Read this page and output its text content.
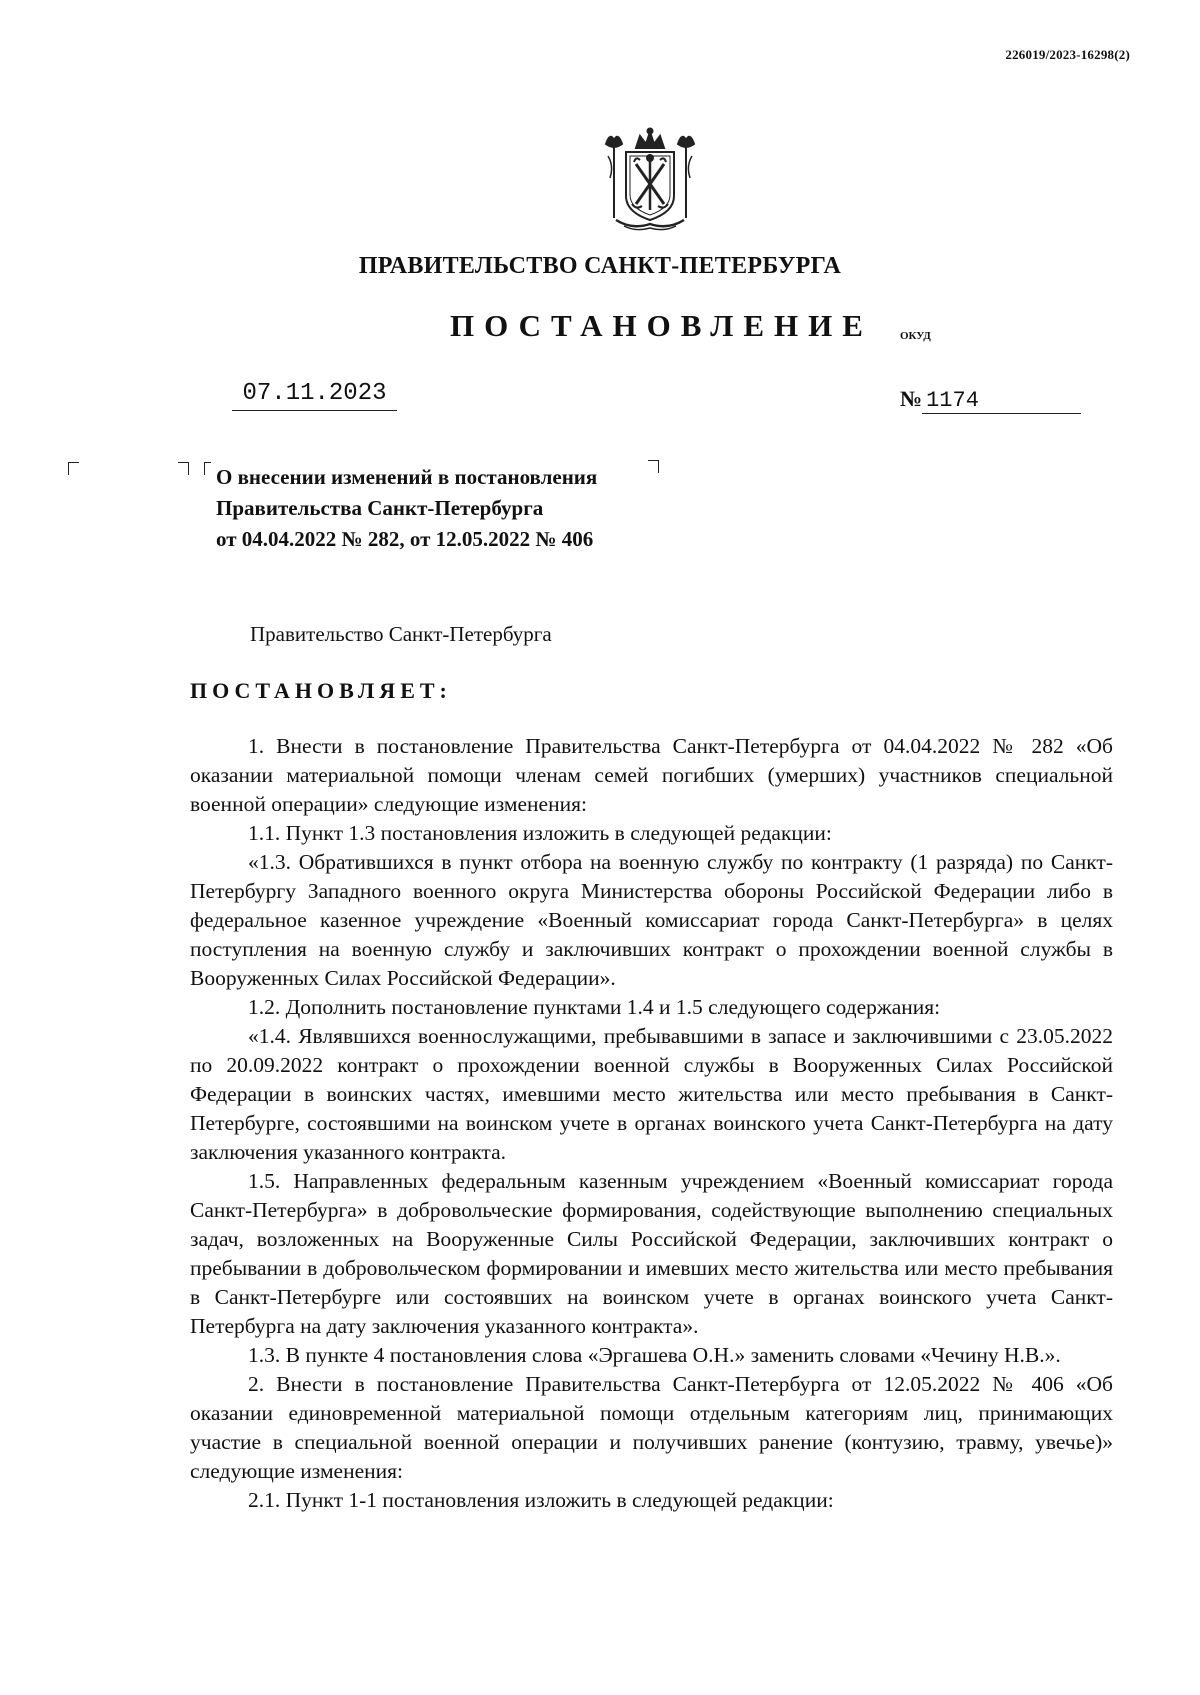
226019/2023-16298(2)
ПРАВИТЕЛЬСТВО САНКТ-ПЕТЕРБУРГА
ПОСТАНОВЛЕНИЕ ОКУД
07.11.2023	№ 1174
О внесении изменений в постановления
Правительства Санкт-Петербурга
от 04.04.2022 № 282, от 12.05.2022 № 406
Правительство Санкт-Петербурга
ПОСТАНОВЛЯЕТ:

1. Внести в постановление Правительства Санкт-Петербурга от 04.04.2022 № 282 «Об оказании материальной помощи членам семей погибших (умерших) участников специальной военной операции» следующие изменения:

1.1. Пункт 1.3 постановления изложить в следующей редакции:

«1.3. Обратившихся в пункт отбора на военную службу по контракту (1 разряда) по Санкт-Петербургу Западного военного округа Министерства обороны Российской Федерации либо в федеральное казенное учреждение «Военный комиссариат города Санкт-Петербурга» в целях поступления на военную службу и заключивших контракт о прохождении военной службы в Вооруженных Силах Российской Федерации».

1.2. Дополнить постановление пунктами 1.4 и 1.5 следующего содержания:

«1.4. Являвшихся военнослужащими, пребывавшими в запасе и заключившими с 23.05.2022 по 20.09.2022 контракт о прохождении военной службы в Вооруженных Силах Российской Федерации в воинских частях, имевшими место жительства или место пребывания в Санкт-Петербурге, состоявшими на воинском учете в органах воинского учета Санкт-Петербурга на дату заключения указанного контракта.

1.5. Направленных федеральным казенным учреждением «Военный комиссариат города Санкт-Петербурга» в добровольческие формирования, содействующие выполнению специальных задач, возложенных на Вооруженные Силы Российской Федерации, заключивших контракт о пребывании в добровольческом формировании и имевших место жительства или место пребывания в Санкт-Петербурге или состоявших на воинском учете в органах воинского учета Санкт-Петербурга на дату заключения указанного контракта».

1.3. В пункте 4 постановления слова «Эргашева О.Н.» заменить словами «Чечину Н.В.».

2. Внести в постановление Правительства Санкт-Петербурга от 12.05.2022 № 406 «Об оказании единовременной материальной помощи отдельным категориям лиц, принимающих участие в специальной военной операции и получивших ранение (контузию, травму, увечье)» следующие изменения:

2.1. Пункт 1-1 постановления изложить в следующей редакции:
